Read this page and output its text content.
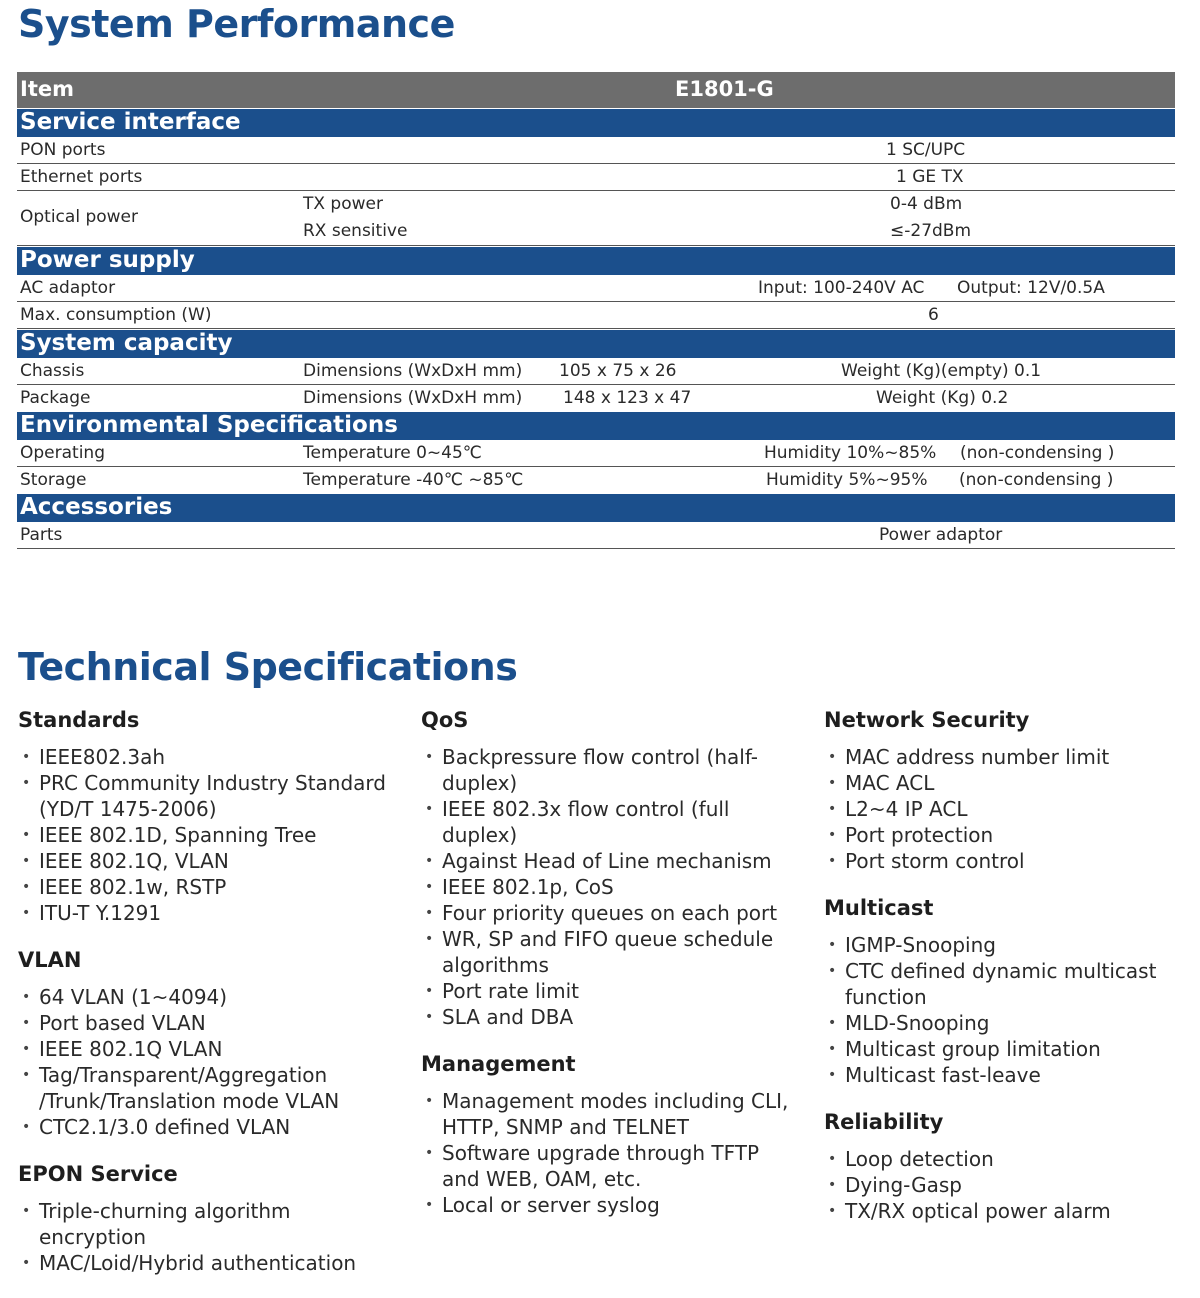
System Performance
Item	E1801-G
Service interface
PON ports	1 SC/UPC
Ethernet ports	1 GE TX
Optical power
TX power	0-4 dBm
RX sensitive	≤-27dBm
Power supply
AC adaptor	Input: 100-240V AC Output: 12V/0.5A
Max. consumption (W)	6
System capacity
Chassis	Dimensions (WxDxH mm) 105 x 75 x 26	Weight (Kg)(empty) 0.1
Package	Dimensions (WxDxH mm) 148 x 123 x 47	Weight (Kg) 0.2
Environmental Specifications
Operating	Temperature 0~45℃	Humidity 10%~85% (non-condensing )
Storage	Temperature -40℃ ~85℃	Humidity 5%~95% (non-condensing )
Accessories
Parts	Power adaptor
Technical Specifications
Standards
• IEEE802.3ah
• PRC Community Industry Standard (YD/T 1475-2006)
• IEEE 802.1D, Spanning Tree
• IEEE 802.1Q, VLAN
• IEEE 802.1w, RSTP
• ITU-T Y.1291
VLAN
• 64 VLAN (1~4094)
• Port based VLAN
• IEEE 802.1Q VLAN
• Tag/Transparent/Aggregation /Trunk/Translation mode VLAN
• CTC2.1/3.0 defined VLAN
EPON Service
• Triple-churning algorithm encryption
• MAC/Loid/Hybrid authentication
QoS
• Backpressure flow control (half-duplex)
• IEEE 802.3x flow control (full duplex)
• Against Head of Line mechanism
• IEEE 802.1p, CoS
• Four priority queues on each port
• WR, SP and FIFO queue schedule algorithms
• Port rate limit
• SLA and DBA
Management
• Management modes including CLI, HTTP, SNMP and TELNET
• Software upgrade through TFTP and WEB, OAM, etc.
• Local or server syslog
Network Security
• MAC address number limit
• MAC ACL
• L2~4 IP ACL
• Port protection
• Port storm control
Multicast
• IGMP-Snooping
• CTC defined dynamic multicast function
• MLD-Snooping
• Multicast group limitation
• Multicast fast-leave
Reliability
• Loop detection
• Dying-Gasp
• TX/RX optical power alarm
